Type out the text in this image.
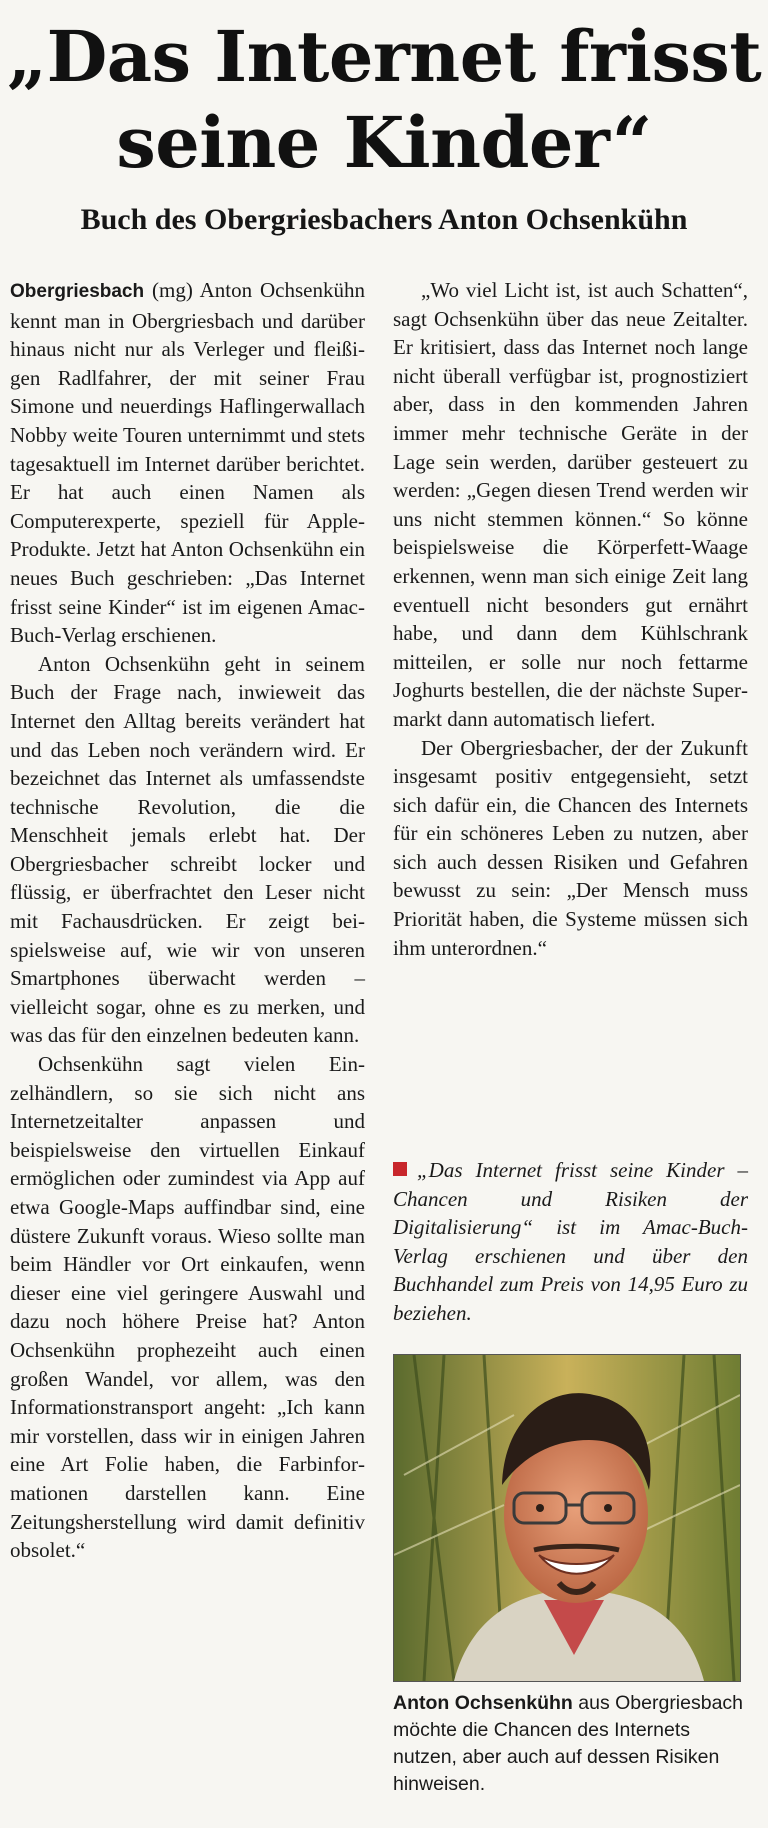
„Das Internet frisst
seine Kinder“
Buch des Obergriesbachers Anton Ochsenkühn

Obergriesbach (mg) Anton Ochsenkühn kennt man in Obergriesbach und darüber hinaus nicht nur als Verleger und fleißigen Radlfahrer, der mit seiner Frau Simone und neuerdings Haflingerwallach Nobby weite Touren unternimmt und stets tagesaktuell im Internet darüber berichtet. Er hat auch einen Namen als Computerexperte, speziell für Apple-Produkte. Jetzt hat Anton Ochsenkühn ein neues Buch geschrieben: „Das Internet frisst seine Kinder“ ist im eigenen Amac-Buch-Verlag erschienen.

Anton Ochsenkühn geht in seinem Buch der Frage nach, inwieweit das Internet den Alltag bereits verändert hat und das Leben noch verändern wird. Er bezeichnet das Internet als umfassendste technische Revolution, die die Menschheit jemals erlebt hat. Der Obergriesbacher schreibt locker und flüssig, er überfrachtet den Leser nicht mit Fachausdrücken. Er zeigt beispielsweise auf, wie wir von unseren Smartphones überwacht werden – vielleicht sogar, ohne es zu merken, und was das für den einzelnen bedeuten kann.

Ochsenkühn sagt vielen Einzelhändlern, so sie sich nicht ans Internetzeitalter anpassen und beispielsweise den virtuellen Einkauf ermöglichen oder zumindest via App auf etwa Google-Maps auffindbar sind, eine düstere Zukunft voraus. Wieso sollte man beim Händler vor Ort einkaufen, wenn dieser eine viel geringere Auswahl und dazu noch höhere Preise hat? Anton Ochsenkühn prophezeiht auch einen großen Wandel, vor allem, was den Informationstransport angeht: „Ich kann mir vorstellen, dass wir in einigen Jahren eine Art Folie haben, die Farbinformationen darstellen kann. Eine Zeitungsherstellung wird damit definitiv obsolet.“

„Wo viel Licht ist, ist auch Schatten“, sagt Ochsenkühn über das neue Zeitalter. Er kritisiert, dass das Internet noch lange nicht überall verfügbar ist, prognostiziert aber, dass in den kommenden Jahren immer mehr technische Geräte in der Lage sein werden, darüber gesteuert zu werden: „Gegen diesen Trend werden wir uns nicht stemmen können.“ So könne beispielsweise die Körperfett-Waage erkennen, wenn man sich einige Zeit lang eventuell nicht besonders gut ernährt habe, und dann dem Kühlschrank mitteilen, er solle nur noch fettarme Joghurts bestellen, die der nächste Supermarkt dann automatisch liefert.

Der Obergriesbacher, der der Zukunft insgesamt positiv entgegensieht, setzt sich dafür ein, die Chancen des Internets für ein schöneres Leben zu nutzen, aber sich auch dessen Risiken und Gefahren bewusst zu sein: „Der Mensch muss Priorität haben, die Systeme müssen sich ihm unterordnen.“

„Das Internet frisst seine Kinder – Chancen und Risiken der Digitalisierung“ ist im Amac-Buch-Verlag erschienen und über den Buchhandel zum Preis von 14,95 Euro zu beziehen.

Anton Ochsenkühn aus Obergriesbach möchte die Chancen des Internets nutzen, aber auch auf dessen Risiken hinweisen.
